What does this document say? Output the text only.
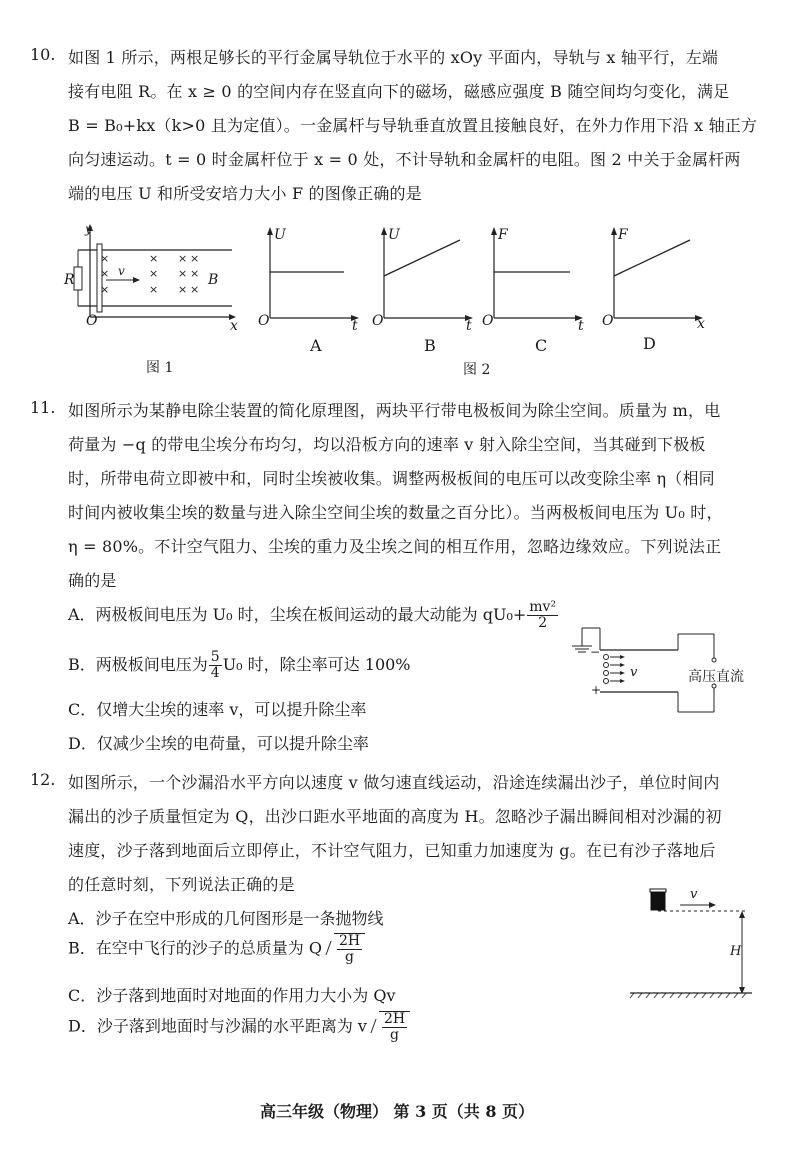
10. 如图 1 所示，两根足够长的平行金属导轨位于水平的 xOy 平面内，导轨与 x 轴平行，左端
接有电阻 R。在 x ≥ 0 的空间内存在竖直向下的磁场，磁感应强度 B 随空间均匀变化，满足
B = B₀+kx（k>0 且为定值）。一金属杆与导轨垂直放置且接触良好，在外力作用下沿 x 轴正方
向匀速运动。t = 0 时金属杆位于 x = 0 处，不计导轨和金属杆的电阻。图 2 中关于金属杆两
端的电压 U 和所受安培力大小 F 的图像正确的是
×
×
×
×
×
×
× ×
× ×
× ×
y
R
v
B
O	x
图 1
U
O	t
A
U
O	t
B
F
O	t
C
F
O	x
D
图 2
11. 如图所示为某静电除尘装置的简化原理图，两块平行带电极板间为除尘空间。质量为 m，电
荷量为 −q 的带电尘埃分布均匀，均以沿板方向的速率 v 射入除尘空间，当其碰到下极板
时，所带电荷立即被中和，同时尘埃被收集。调整两极板间的电压可以改变除尘率 η（相同
时间内被收集尘埃的数量与进入除尘空间尘埃的数量之百分比）。当两极板间电压为 U₀ 时，
η = 80%。不计空气阻力、尘埃的重力及尘埃之间的相互作用，忽略边缘效应。下列说法正
确的是
A．两极板间电压为 U₀ 时，尘埃在板间运动的最大动能为 $qU_0+ \frac{\text{mv²}}{2}$
B．两极板间电压为 $\frac{5}{4} U_0$ 时，除尘率可达 100%
C．仅增大尘埃的速率 v，可以提升除尘率
D．仅减少尘埃的电荷量，可以提升除尘率
−
+
v	高压直流
12. 如图所示，一个沙漏沿水平方向以速度 v 做匀速直线运动，沿途连续漏出沙子，单位时间内
漏出的沙子质量恒定为 Q，出沙口距水平地面的高度为 H。忽略沙子漏出瞬间相对沙漏的初
速度，沙子落到地面后立即停止，不计空气阻力，已知重力加速度为 g。在已有沙子落地后
的任意时刻，下列说法正确的是
A．沙子在空中形成的几何图形是一条抛物线
B．在空中飞行的沙子的总质量为 Q $\frac{2H}{g}$
C．沙子落到地面时对地面的作用力大小为 Qv
D．沙子落到地面时与沙漏的水平距离为 v $\frac{2H}{g}$
v
H
高三年级（物理） 第 3 页（共 8 页）
